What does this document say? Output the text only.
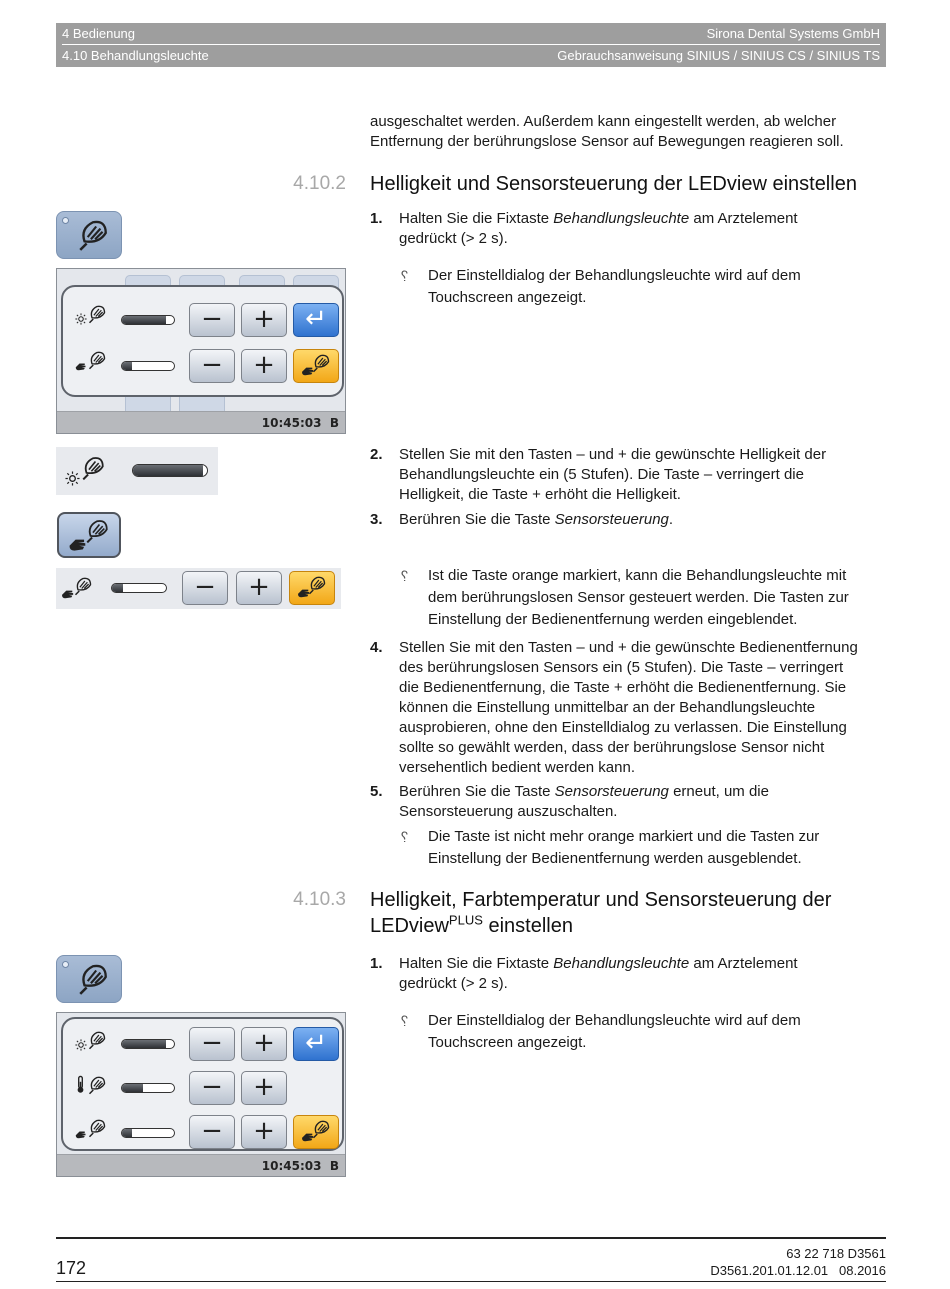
4 Bedienung	Sirona Dental Systems GmbH
4.10 Behandlungsleuchte	Gebrauchsanweisung SINIUS / SINIUS CS / SINIUS TS
ausgeschaltet werden. Außerdem kann eingestellt werden, ab welcher
Entfernung der berührungslose Sensor auf Bewegungen reagieren soll.
4.10.2 Helligkeit und Sensorsteuerung der LEDview einstellen
1. Halten Sie die Fixtaste Behandlungsleuchte am Arztelement
gedrückt (> 2 s).
␦ Der Einstelldialog der Behandlungsleuchte wird auf dem
Touchscreen angezeigt.
2. Stellen Sie mit den Tasten – und + die gewünschte Helligkeit der
Behandlungsleuchte ein (5 Stufen). Die Taste – verringert die
Helligkeit, die Taste + erhöht die Helligkeit.
3. Berühren Sie die Taste Sensorsteuerung.
␦ Ist die Taste orange markiert, kann die Behandlungsleuchte mit
dem berührungslosen Sensor gesteuert werden. Die Tasten zur
Einstellung der Bedienentfernung werden eingeblendet.
4. Stellen Sie mit den Tasten – und + die gewünschte Bedienentfernung
des berührungslosen Sensors ein (5 Stufen). Die Taste – verringert
die Bedienentfernung, die Taste + erhöht die Bedienentfernung. Sie
können die Einstellung unmittelbar an der Behandlungsleuchte
ausprobieren, ohne den Einstelldialog zu verlassen. Die Einstellung
sollte so gewählt werden, dass der berührungslose Sensor nicht
versehentlich bedient werden kann.
5. Berühren Sie die Taste Sensorsteuerung erneut, um die
Sensorsteuerung auszuschalten.
␦ Die Taste ist nicht mehr orange markiert und die Tasten zur
Einstellung der Bedienentfernung werden ausgeblendet.
4.10.3 Helligkeit, Farbtemperatur und Sensorsteuerung der
LEDview$^{PLUS}$ einstellen
1. Halten Sie die Fixtaste Behandlungsleuchte am Arztelement
gedrückt (> 2 s).
␦ Der Einstelldialog der Behandlungsleuchte wird auf dem
Touchscreen angezeigt.
−	+	↵
−	+
10:45:03 B
−	+
−	+	↵
−	+
−	+
10:45:03 B
172
63 22 718 D3561
D3561.201.01.12.01 08.2016
